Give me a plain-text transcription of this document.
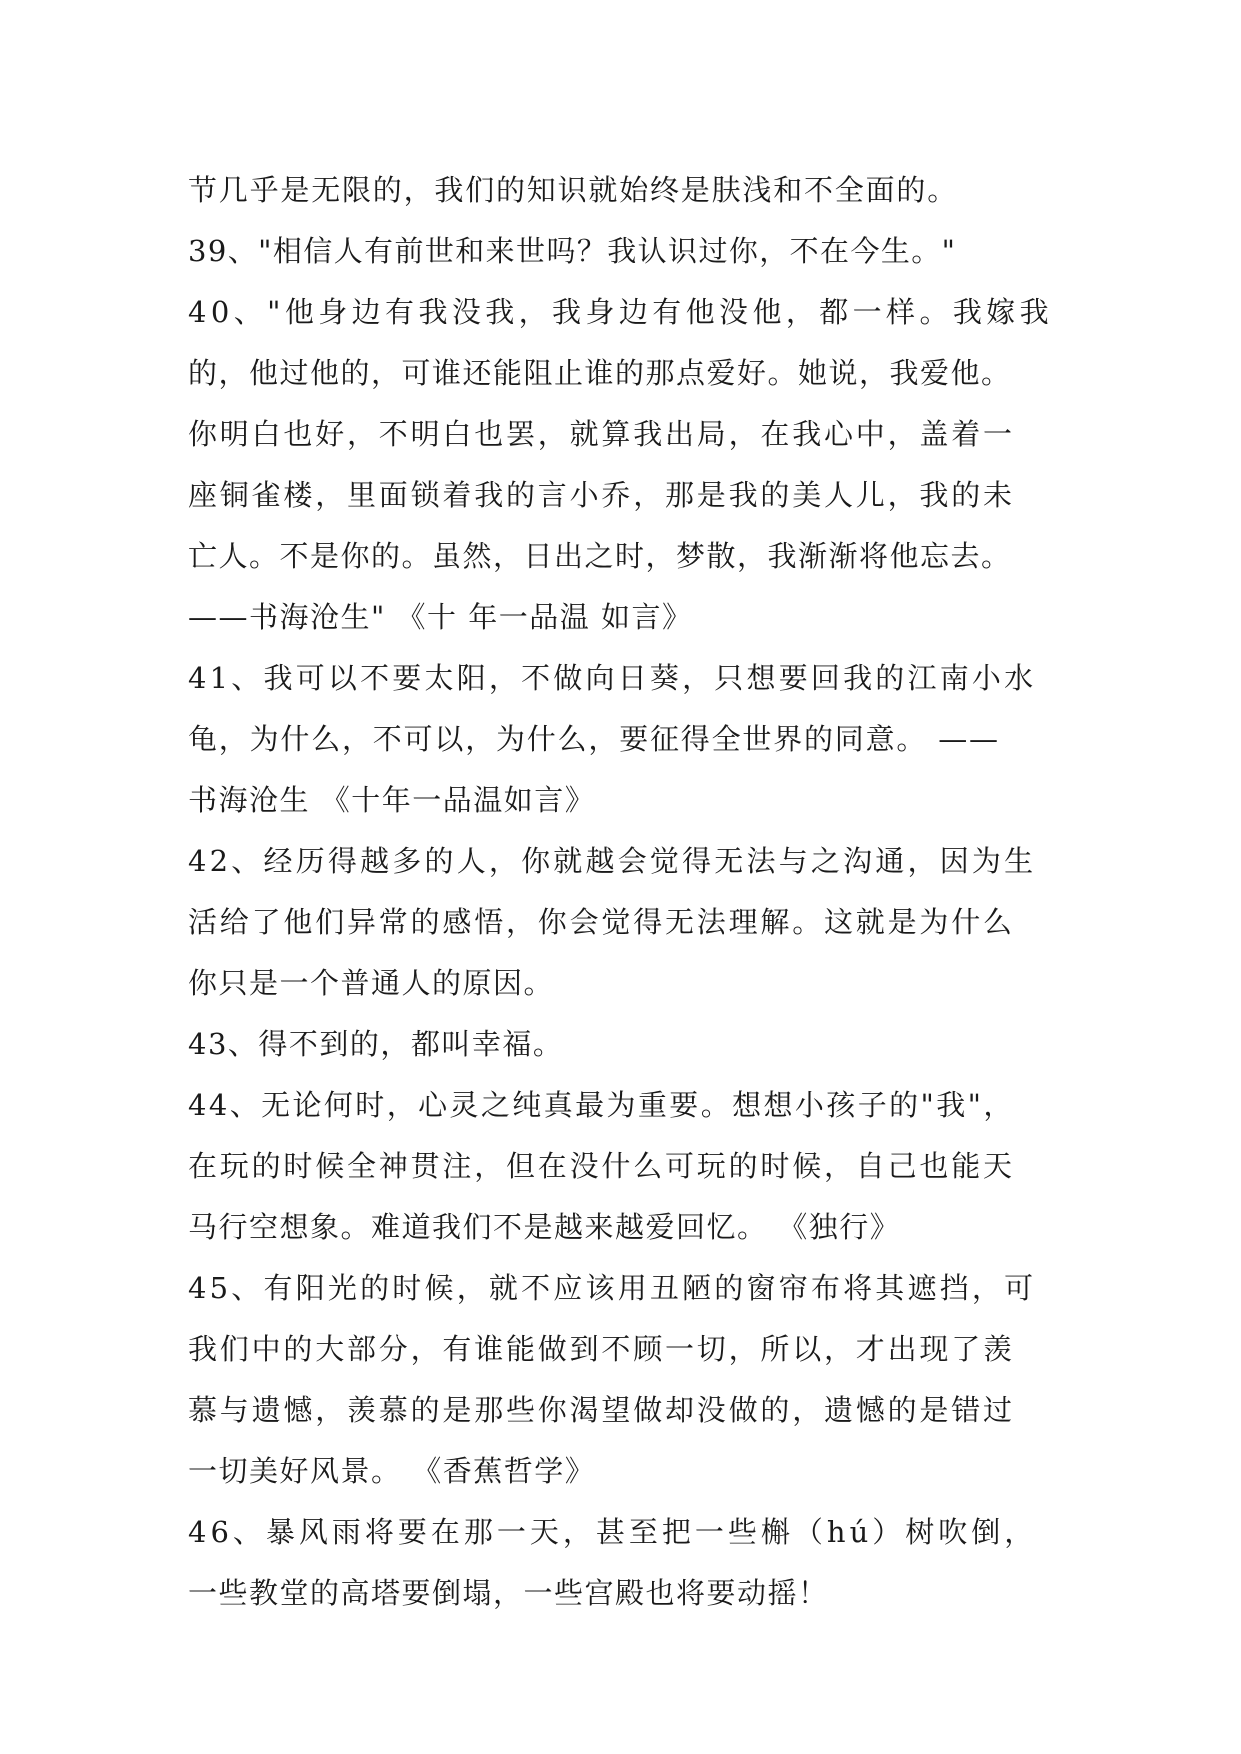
节几乎是无限的，我们的知识就始终是肤浅和不全面的。
39、"相信人有前世和来世吗？我认识过你，不在今生。"
40、"他身边有我没我，我身边有他没他，都一样。我嫁我
的，他过他的，可谁还能阻止谁的那点爱好。她说，我爱他。
你明白也好，不明白也罢，就算我出局，在我心中，盖着一
座铜雀楼，里面锁着我的言小乔，那是我的美人儿，我的未
亡人。不是你的。虽然，日出之时，梦散，我渐渐将他忘去。
——书海沧生" 《十 年一品温 如言》
41、我可以不要太阳，不做向日葵，只想要回我的江南小水
龟，为什么，不可以，为什么，要征得全世界的同意。 ——
书海沧生 《十年一品温如言》
42、经历得越多的人，你就越会觉得无法与之沟通，因为生
活给了他们异常的感悟，你会觉得无法理解。这就是为什么
你只是一个普通人的原因。
43、得不到的，都叫幸福。
44、无论何时，心灵之纯真最为重要。想想小孩子的"我"，
在玩的时候全神贯注，但在没什么可玩的时候，自己也能天
马行空想象。难道我们不是越来越爱回忆。 《独行》
45、有阳光的时候，就不应该用丑陋的窗帘布将其遮挡，可
我们中的大部分，有谁能做到不顾一切，所以，才出现了羡
慕与遗憾，羡慕的是那些你渴望做却没做的，遗憾的是错过
一切美好风景。 《香蕉哲学》
46、暴风雨将要在那一天，甚至把一些槲（hú）树吹倒，
一些教堂的高塔要倒塌，一些宫殿也将要动摇！
